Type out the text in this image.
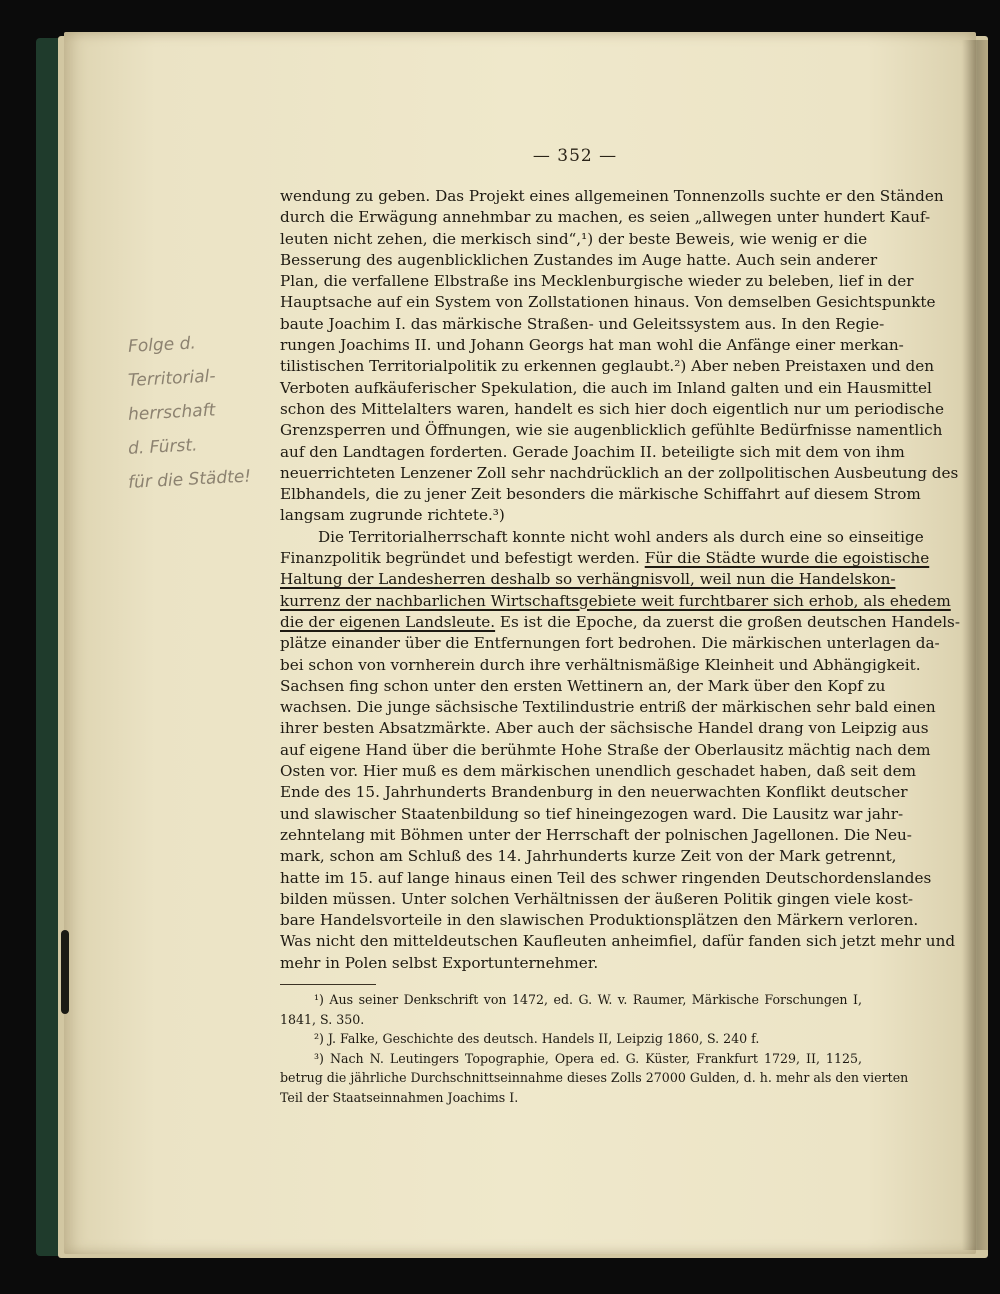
— 352 —
Folge d.
Territorial-
herrschaft
d. Fürst.
für die Städte!
wendung zu geben. Das Projekt eines allgemeinen Tonnenzolls suchte er den Ständen
durch die Erwägung annehmbar zu machen, es seien „allwegen unter hundert Kauf-
leuten nicht zehen, die merkisch sind“,¹) der beste Beweis, wie wenig er die
Besserung des augenblicklichen Zustandes im Auge hatte. Auch sein anderer
Plan, die verfallene Elbstraße ins Mecklenburgische wieder zu beleben, lief in der
Hauptsache auf ein System von Zollstationen hinaus. Von demselben Gesichtspunkte
baute Joachim I. das märkische Straßen- und Geleitssystem aus. In den Regie-
rungen Joachims II. und Johann Georgs hat man wohl die Anfänge einer merkan-
tilistischen Territorialpolitik zu erkennen geglaubt.²) Aber neben Preistaxen und den
Verboten aufkäuferischer Spekulation, die auch im Inland galten und ein Hausmittel
schon des Mittelalters waren, handelt es sich hier doch eigentlich nur um periodische
Grenzsperren und Öffnungen, wie sie augenblicklich gefühlte Bedürfnisse namentlich
auf den Landtagen forderten. Gerade Joachim II. beteiligte sich mit dem von ihm
neuerrichteten Lenzener Zoll sehr nachdrücklich an der zollpolitischen Ausbeutung des
Elbhandels, die zu jener Zeit besonders die märkische Schiffahrt auf diesem Strom
langsam zugrunde richtete.³)
Die Territorialherrschaft konnte nicht wohl anders als durch eine so einseitige
Finanzpolitik begründet und befestigt werden. Für die Städte wurde die egoistische
Haltung der Landesherren deshalb so verhängnisvoll, weil nun die Handelskon-
kurrenz der nachbarlichen Wirtschaftsgebiete weit furchtbarer sich erhob, als ehedem
die der eigenen Landsleute. Es ist die Epoche, da zuerst die großen deutschen Handels-
plätze einander über die Entfernungen fort bedrohen. Die märkischen unterlagen da-
bei schon von vornherein durch ihre verhältnismäßige Kleinheit und Abhängigkeit.
Sachsen fing schon unter den ersten Wettinern an, der Mark über den Kopf zu
wachsen. Die junge sächsische Textilindustrie entriß der märkischen sehr bald einen
ihrer besten Absatzmärkte. Aber auch der sächsische Handel drang von Leipzig aus
auf eigene Hand über die berühmte Hohe Straße der Oberlausitz mächtig nach dem
Osten vor. Hier muß es dem märkischen unendlich geschadet haben, daß seit dem
Ende des 15. Jahrhunderts Brandenburg in den neuerwachten Konflikt deutscher
und slawischer Staatenbildung so tief hineingezogen ward. Die Lausitz war jahr-
zehntelang mit Böhmen unter der Herrschaft der polnischen Jagellonen. Die Neu-
mark, schon am Schluß des 14. Jahrhunderts kurze Zeit von der Mark getrennt,
hatte im 15. auf lange hinaus einen Teil des schwer ringenden Deutschordenslandes
bilden müssen. Unter solchen Verhältnissen der äußeren Politik gingen viele kost-
bare Handelsvorteile in den slawischen Produktionsplätzen den Märkern verloren.
Was nicht den mitteldeutschen Kaufleuten anheimfiel, dafür fanden sich jetzt mehr und
mehr in Polen selbst Exportunternehmer.
¹) Aus seiner Denkschrift von 1472, ed. G. W. v. Raumer, Märkische Forschungen I,
1841, S. 350.
²) J. Falke, Geschichte des deutsch. Handels II, Leipzig 1860, S. 240 f.
³) Nach N. Leutingers Topographie, Opera ed. G. Küster, Frankfurt 1729, II, 1125,
betrug die jährliche Durchschnittseinnahme dieses Zolls 27000 Gulden, d. h. mehr als den vierten
Teil der Staatseinnahmen Joachims I.
